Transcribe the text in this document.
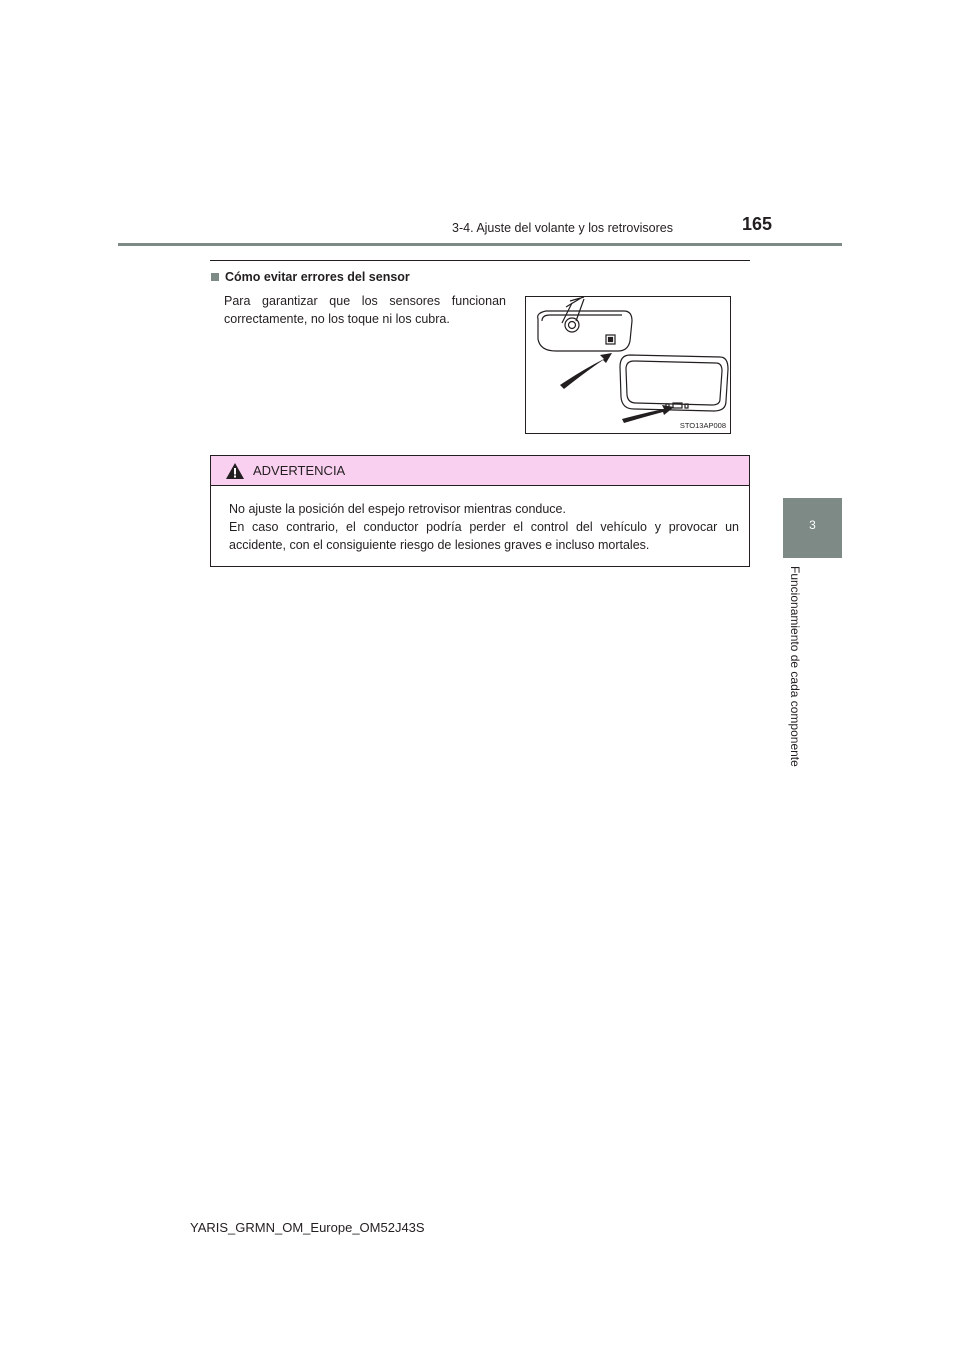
3-4. Ajuste del volante y los retrovisores	165
Cómo evitar errores del sensor
Para garantizar que los sensores funcionan correctamente, no los toque ni los cubra.
STO13AP008
ADVERTENCIA

No ajuste la posición del espejo retrovisor mientras conduce.

En caso contrario, el conductor podría perder el control del vehículo y provocar un accidente, con el consiguiente riesgo de lesiones graves e incluso mortales.

3
Funcionamiento de cada componente
YARIS_GRMN_OM_Europe_OM52J43S
